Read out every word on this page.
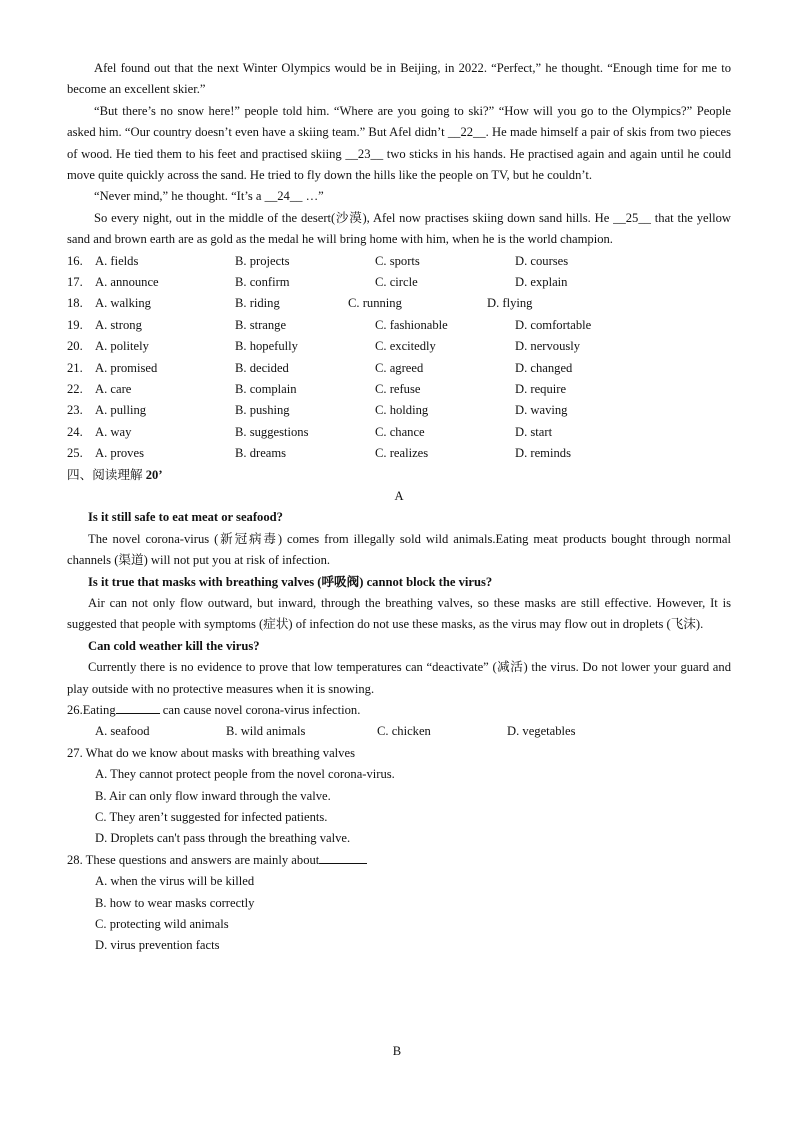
Afel found out that the next Winter Olympics would be in Beijing, in 2022. “Perfect,” he thought. “Enough time for me to become an excellent skier.”

“But there’s no snow here!” people told him. “Where are you going to ski?” “How will you go to the Olympics?” People asked him. “Our country doesn’t even have a skiing team.” But Afel didn’t __22__. He made himself a pair of skis from two pieces of wood. He tied them to his feet and practised skiing __23__ two sticks in his hands. He practised again and again until he could move quite quickly across the sand. He tried to fly down the hills like the people on TV, but he couldn’t.

“Never mind,” he thought. “It’s a __24__ …”

So every night, out in the middle of the desert(沙漠), Afel now practises skiing down sand hills. He __25__ that the yellow sand and brown earth are as gold as the medal he will bring home with him, when he is the world champion.

16. A. fields	B. projects	C. sports	D. courses
17. A. announce	B. confirm	C. circle	D. explain
18. A. walking	B. riding	C. running	D. flying
19. A. strong	B. strange	C. fashionable	D. comfortable
20. A. politely	B. hopefully	C. excitedly	D. nervously
21. A. promised	B. decided	C. agreed	D. changed
22. A. care	B. complain	C. refuse	D. require
23. A. pulling	B. pushing	C. holding	D. waving
24. A. way	B. suggestions	C. chance	D. start
25. A. proves	B. dreams	C. realizes	D. reminds
四、阅读理解 20’
A

Is it still safe to eat meat or seafood?

The novel corona-virus (新冠病毒) comes from illegally sold wild animals.Eating meat products bought through normal channels (渠道) will not put you at risk of infection.

Is it true that masks with breathing valves (呼吸阀) cannot block the virus?

Air can not only flow outward, but inward, through the breathing valves, so these masks are still effective. However, It is suggested that people with symptoms (症状) of infection do not use these masks, as the virus may flow out in droplets (飞沫).

Can cold weather kill the virus?

Currently there is no evidence to prove that low temperatures can “deactivate” (减活) the virus. Do not lower your guard and play outside with no protective measures when it is snowing.

26.Eating	can cause novel corona-virus infection.
A. seafood	B. wild animals	C. chicken	D. vegetables
27. What do we know about masks with breathing valves
A. They cannot protect people from the novel corona-virus.
B. Air can only flow inward through the valve.
C. They aren’t suggested for infected patients.
D. Droplets can't pass through the breathing valve.
28. These questions and answers are mainly about
A. when the virus will be killed
B. how to wear masks correctly
C. protecting wild animals
D. virus prevention facts
B
